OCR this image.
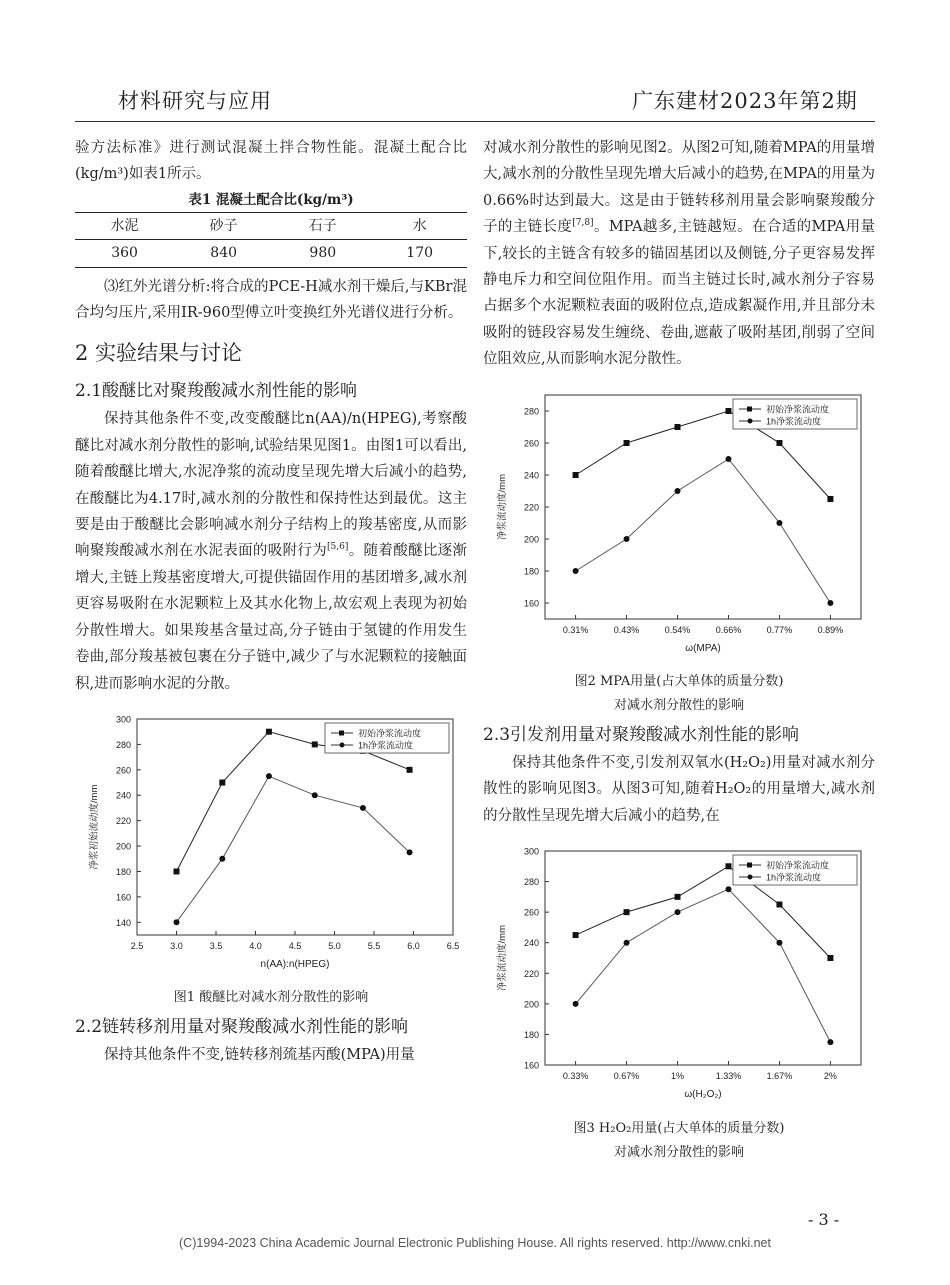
材料研究与应用	广东建材2023年第2期

验方法标准》进行测试混凝土拌合物性能。混凝土配合比(kg/m³)如表1所示。

表1 混凝土配合比(kg/m³)
水泥	砂子	石子	水
360	840	980	170

⑶红外光谱分析:将合成的PCE-H减水剂干燥后,与KBr混合均匀压片,采用IR-960型傅立叶变换红外光谱仪进行分析。

2 实验结果与讨论
2.1酸醚比对聚羧酸减水剂性能的影响

保持其他条件不变,改变酸醚比n(AA)/n(HPEG),考察酸醚比对减水剂分散性的影响,试验结果见图1。由图1可以看出,随着酸醚比增大,水泥净浆的流动度呈现先增大后减小的趋势,在酸醚比为4.17时,减水剂的分散性和保持性达到最优。这主要是由于酸醚比会影响减水剂分子结构上的羧基密度,从而影响聚羧酸减水剂在水泥表面的吸附行为[5,6]。随着酸醚比逐渐增大,主链上羧基密度增大,可提供锚固作用的基团增多,减水剂更容易吸附在水泥颗粒上及其水化物上,故宏观上表现为初始分散性增大。如果羧基含量过高,分子链由于氢键的作用发生卷曲,部分羧基被包裹在分子链中,减少了与水泥颗粒的接触面积,进而影响水泥的分散。

140
160
180
200
220
240
260
280
300
2.5	3.0	3.5	4.0	4.5	5.0	5.5	6.0	6.5
n(AA):n(HPEG)
净浆初始流动度/mm
初始净浆流动度
1h净浆流动度
图1 酸醚比对减水剂分散性的影响
2.2链转移剂用量对聚羧酸减水剂性能的影响

保持其他条件不变,链转移剂巯基丙酸(MPA)用量

对减水剂分散性的影响见图2。从图2可知,随着MPA的用量增大,减水剂的分散性呈现先增大后减小的趋势,在MPA的用量为0.66%时达到最大。这是由于链转移剂用量会影响聚羧酸分子的主链长度[7,8]。MPA越多,主链越短。在合适的MPA用量下,较长的主链含有较多的锚固基团以及侧链,分子更容易发挥静电斥力和空间位阻作用。而当主链过长时,减水剂分子容易占据多个水泥颗粒表面的吸附位点,造成絮凝作用,并且部分未吸附的链段容易发生缠绕、卷曲,遮蔽了吸附基团,削弱了空间位阻效应,从而影响水泥分散性。

160
180
200
220
240
260
280
0.31%	0.43%	0.54%	0.66%	0.77%	0.89%
ω(MPA)
净浆流动度/mm
初始净浆流动度
1h净浆流动度
图2 MPA用量(占大单体的质量分数)
对减水剂分散性的影响
2.3引发剂用量对聚羧酸减水剂性能的影响

保持其他条件不变,引发剂双氧水(H₂O₂)用量对减水剂分散性的影响见图3。从图3可知,随着H₂O₂的用量增大,减水剂的分散性呈现先增大后减小的趋势,在

160
180
200
220
240
260
280
300
0.33%	0.67%	1%	1.33%	1.67%	2%
ω(H₂O₂)
净浆流动度/mm
初始净浆流动度
1h净浆流动度
图3 H₂O₂用量(占大单体的质量分数)
对减水剂分散性的影响
- 3 -
(C)1994-2023 China Academic Journal Electronic Publishing House. All rights reserved. http://www.cnki.net
